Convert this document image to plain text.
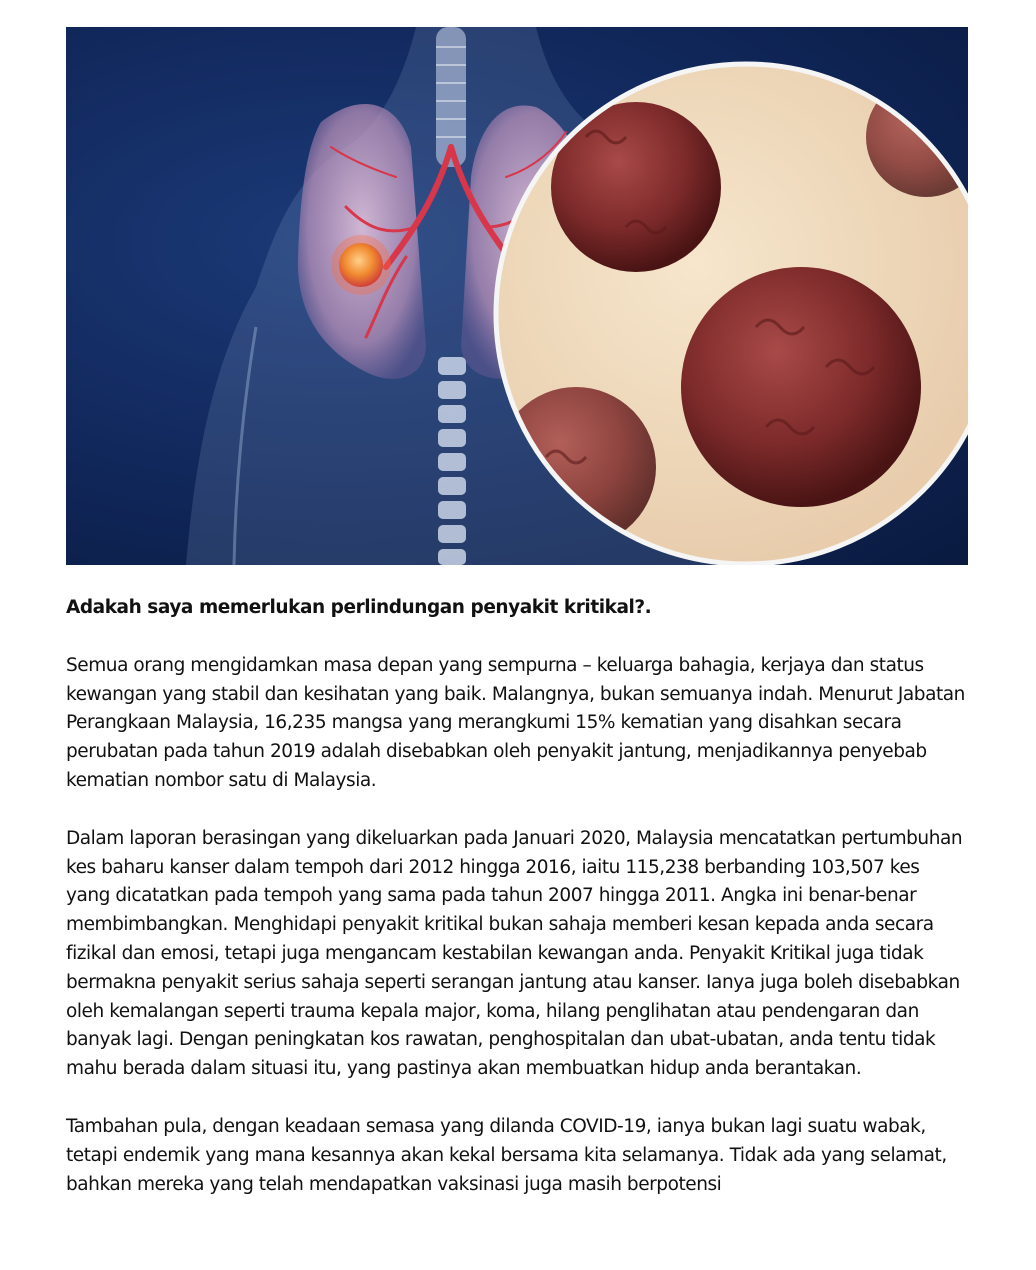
Adakah saya memerlukan perlindungan penyakit kritikal?.

Semua orang mengidamkan masa depan yang sempurna – keluarga bahagia, kerjaya dan status kewangan yang stabil dan kesihatan yang baik. Malangnya, bukan semuanya indah. Menurut Jabatan Perangkaan Malaysia, 16,235 mangsa yang merangkumi 15% kematian yang disahkan secara perubatan pada tahun 2019 adalah disebabkan oleh penyakit jantung, menjadikannya penyebab kematian nombor satu di Malaysia.

Dalam laporan berasingan yang dikeluarkan pada Januari 2020, Malaysia mencatatkan pertumbuhan kes baharu kanser dalam tempoh dari 2012 hingga 2016, iaitu 115,238 berbanding 103,507 kes yang dicatatkan pada tempoh yang sama pada tahun 2007 hingga 2011. Angka ini benar-benar membimbangkan. Menghidapi penyakit kritikal bukan sahaja memberi kesan kepada anda secara fizikal dan emosi, tetapi juga mengancam kestabilan kewangan anda. Penyakit Kritikal juga tidak bermakna penyakit serius sahaja seperti serangan jantung atau kanser. Ianya juga boleh disebabkan oleh kemalangan seperti trauma kepala major, koma, hilang penglihatan atau pendengaran dan banyak lagi. Dengan peningkatan kos rawatan, penghospitalan dan ubat-ubatan, anda tentu tidak mahu berada dalam situasi itu, yang pastinya akan membuatkan hidup anda berantakan.

Tambahan pula, dengan keadaan semasa yang dilanda COVID-19, ianya bukan lagi suatu wabak, tetapi endemik yang mana kesannya akan kekal bersama kita selamanya. Tidak ada yang selamat, bahkan mereka yang telah mendapatkan vaksinasi juga masih berpotensi
